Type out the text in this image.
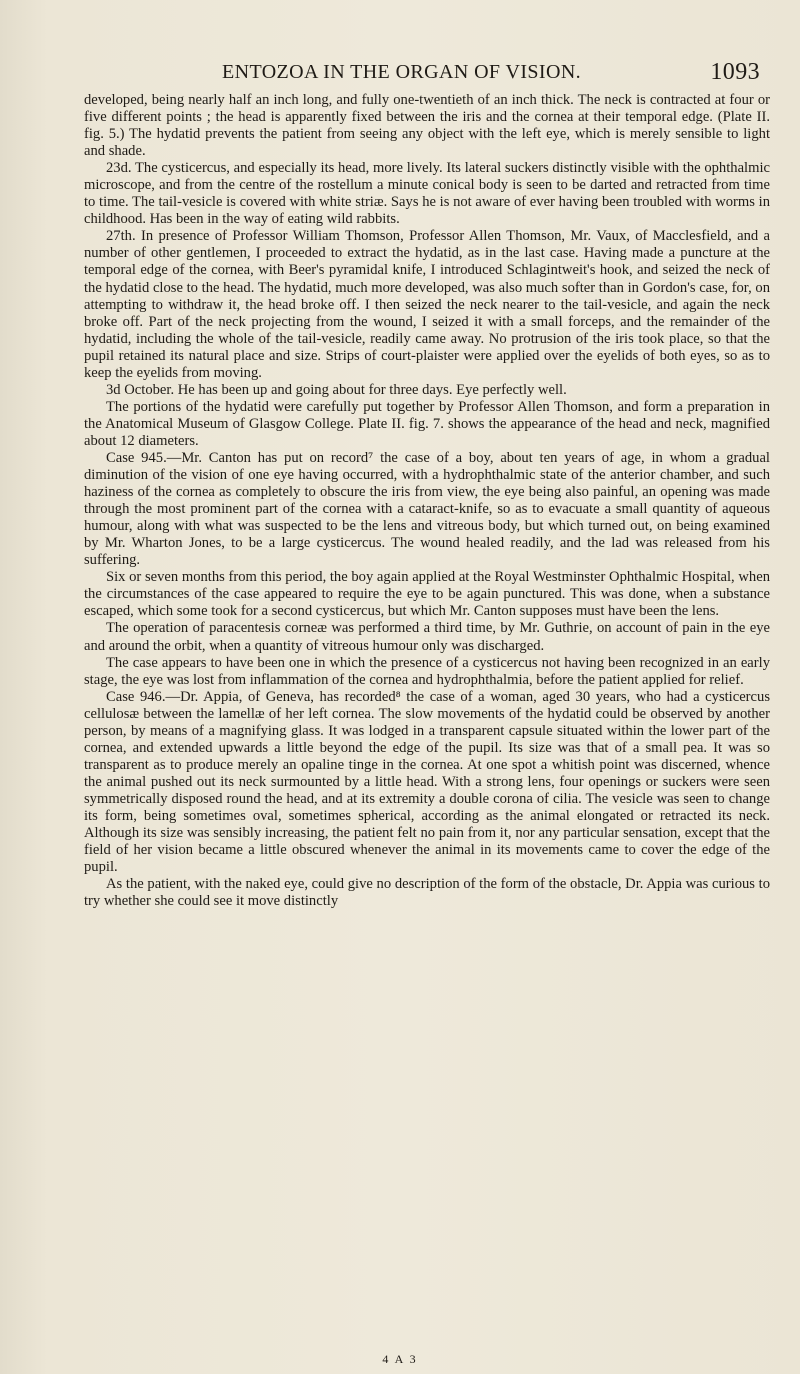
ENTOZOA IN THE ORGAN OF VISION.	1093

developed, being nearly half an inch long, and fully one-twentieth of an inch thick. The neck is contracted at four or five different points ; the head is apparently fixed between the iris and the cornea at their temporal edge. (Plate II. fig. 5.) The hydatid prevents the patient from seeing any object with the left eye, which is merely sensible to light and shade.

23d. The cysticercus, and especially its head, more lively. Its lateral suckers distinctly visible with the ophthalmic microscope, and from the centre of the rostellum a minute conical body is seen to be darted and retracted from time to time. The tail-vesicle is covered with white striæ. Says he is not aware of ever having been troubled with worms in childhood. Has been in the way of eating wild rabbits.

27th. In presence of Professor William Thomson, Professor Allen Thomson, Mr. Vaux, of Macclesfield, and a number of other gentlemen, I proceeded to extract the hydatid, as in the last case. Having made a puncture at the temporal edge of the cornea, with Beer's pyramidal knife, I introduced Schlagintweit's hook, and seized the neck of the hydatid close to the head. The hydatid, much more developed, was also much softer than in Gordon's case, for, on attempting to withdraw it, the head broke off. I then seized the neck nearer to the tail-vesicle, and again the neck broke off. Part of the neck projecting from the wound, I seized it with a small forceps, and the remainder of the hydatid, including the whole of the tail-vesicle, readily came away. No protrusion of the iris took place, so that the pupil retained its natural place and size. Strips of court-plaister were applied over the eyelids of both eyes, so as to keep the eyelids from moving.

3d October. He has been up and going about for three days. Eye perfectly well.

The portions of the hydatid were carefully put together by Professor Allen Thomson, and form a preparation in the Anatomical Museum of Glasgow College. Plate II. fig. 7. shows the appearance of the head and neck, magnified about 12 diameters.

Case 945.—Mr. Canton has put on record⁷ the case of a boy, about ten years of age, in whom a gradual diminution of the vision of one eye having occurred, with a hydrophthalmic state of the anterior chamber, and such haziness of the cornea as completely to obscure the iris from view, the eye being also painful, an opening was made through the most prominent part of the cornea with a cataract-knife, so as to evacuate a small quantity of aqueous humour, along with what was suspected to be the lens and vitreous body, but which turned out, on being examined by Mr. Wharton Jones, to be a large cysticercus. The wound healed readily, and the lad was released from his suffering.

Six or seven months from this period, the boy again applied at the Royal Westminster Ophthalmic Hospital, when the circumstances of the case appeared to require the eye to be again punctured. This was done, when a substance escaped, which some took for a second cysticercus, but which Mr. Canton supposes must have been the lens.

The operation of paracentesis corneæ was performed a third time, by Mr. Guthrie, on account of pain in the eye and around the orbit, when a quantity of vitreous humour only was discharged.

The case appears to have been one in which the presence of a cysticercus not having been recognized in an early stage, the eye was lost from inflammation of the cornea and hydrophthalmia, before the patient applied for relief.

Case 946.—Dr. Appia, of Geneva, has recorded⁸ the case of a woman, aged 30 years, who had a cysticercus cellulosæ between the lamellæ of her left cornea. The slow movements of the hydatid could be observed by another person, by means of a magnifying glass. It was lodged in a transparent capsule situated within the lower part of the cornea, and extended upwards a little beyond the edge of the pupil. Its size was that of a small pea. It was so transparent as to produce merely an opaline tinge in the cornea. At one spot a whitish point was discerned, whence the animal pushed out its neck surmounted by a little head. With a strong lens, four openings or suckers were seen symmetrically disposed round the head, and at its extremity a double corona of cilia. The vesicle was seen to change its form, being sometimes oval, sometimes spherical, according as the animal elongated or retracted its neck. Although its size was sensibly increasing, the patient felt no pain from it, nor any particular sensation, except that the field of her vision became a little obscured whenever the animal in its movements came to cover the edge of the pupil.

As the patient, with the naked eye, could give no description of the form of the obstacle, Dr. Appia was curious to try whether she could see it move distinctly

4 A 3
